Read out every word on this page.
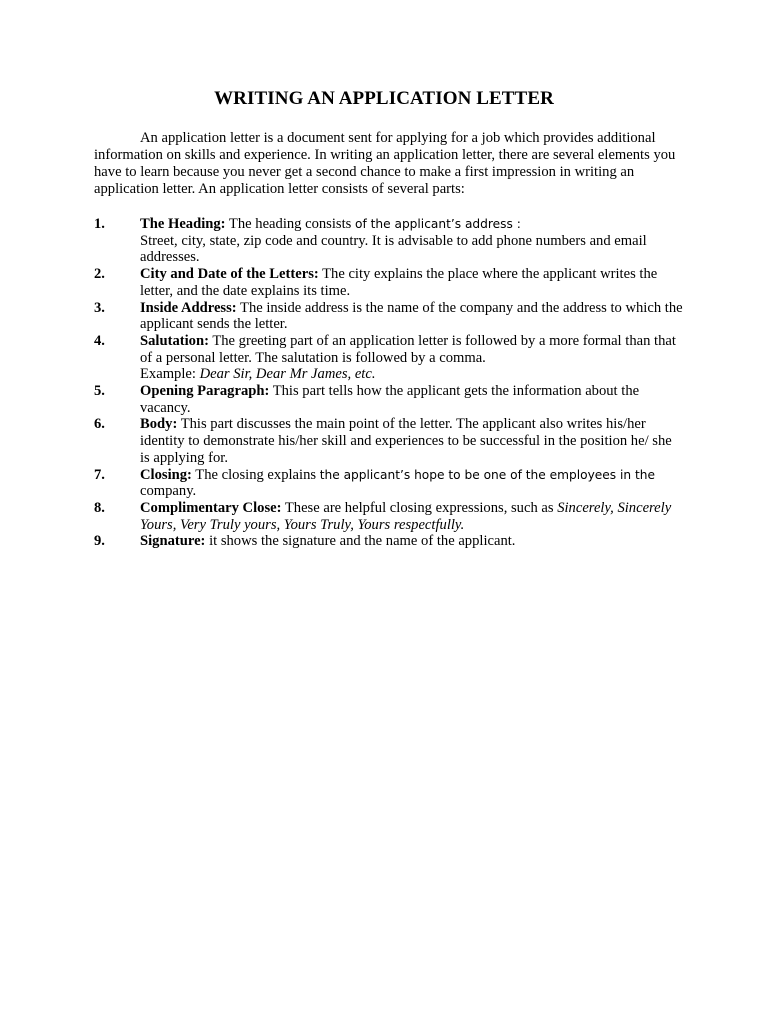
WRITING AN APPLICATION LETTER
An application letter is a document sent for applying for a job which provides additional information on skills and experience. In writing an application letter, there are several elements you have to learn because you never get a second chance to make a first impression in writing an application letter. An application letter consists of several parts:
1. The Heading: The heading consists of the applicant’s address :
Street, city, state, zip code and country. It is advisable to add phone numbers and email addresses.
2. City and Date of the Letters: The city explains the place where the applicant writes the letter, and the date explains its time.
3. Inside Address: The inside address is the name of the company and the address to which the applicant sends the letter.
4. Salutation: The greeting part of an application letter is followed by a more formal than that of a personal letter. The salutation is followed by a comma.
Example: Dear Sir, Dear Mr James, etc.
5. Opening Paragraph: This part tells how the applicant gets the information about the vacancy.
6. Body: This part discusses the main point of the letter. The applicant also writes his/her identity to demonstrate his/her skill and experiences to be successful in the position he/ she is applying for.
7. Closing: The closing explains the applicant’s hope to be one of the employees in the
company.
8. Complimentary Close: These are helpful closing expressions, such as Sincerely, Sincerely Yours, Very Truly yours, Yours Truly, Yours respectfully.
9. Signature: it shows the signature and the name of the applicant.
